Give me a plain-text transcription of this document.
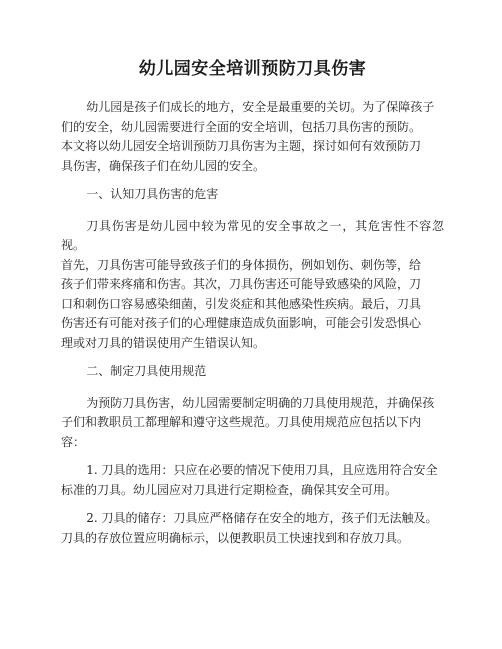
幼儿园安全培训预防刀具伤害

幼儿园是孩子们成长的地方，安全是最重要的关切。为了保障孩子
们的安全，幼儿园需要进行全面的安全培训，包括刀具伤害的预防。
本文将以幼儿园安全培训预防刀具伤害为主题，探讨如何有效预防刀
具伤害，确保孩子们在幼儿园的安全。

一、认知刀具伤害的危害

刀具伤害是幼儿园中较为常见的安全事故之一，其危害性不容忽视。
首先，刀具伤害可能导致孩子们的身体损伤，例如划伤、刺伤等，给
孩子们带来疼痛和伤害。其次，刀具伤害还可能导致感染的风险，刀
口和刺伤口容易感染细菌，引发炎症和其他感染性疾病。最后，刀具
伤害还有可能对孩子们的心理健康造成负面影响，可能会引发恐惧心
理或对刀具的错误使用产生错误认知。

二、制定刀具使用规范

为预防刀具伤害，幼儿园需要制定明确的刀具使用规范，并确保孩
子们和教职员工都理解和遵守这些规范。刀具使用规范应包括以下内
容：

1. 刀具的选用：只应在必要的情况下使用刀具，且应选用符合安全
标准的刀具。幼儿园应对刀具进行定期检查，确保其安全可用。

2. 刀具的储存：刀具应严格储存在安全的地方，孩子们无法触及。
刀具的存放位置应明确标示，以便教职员工快速找到和存放刀具。
